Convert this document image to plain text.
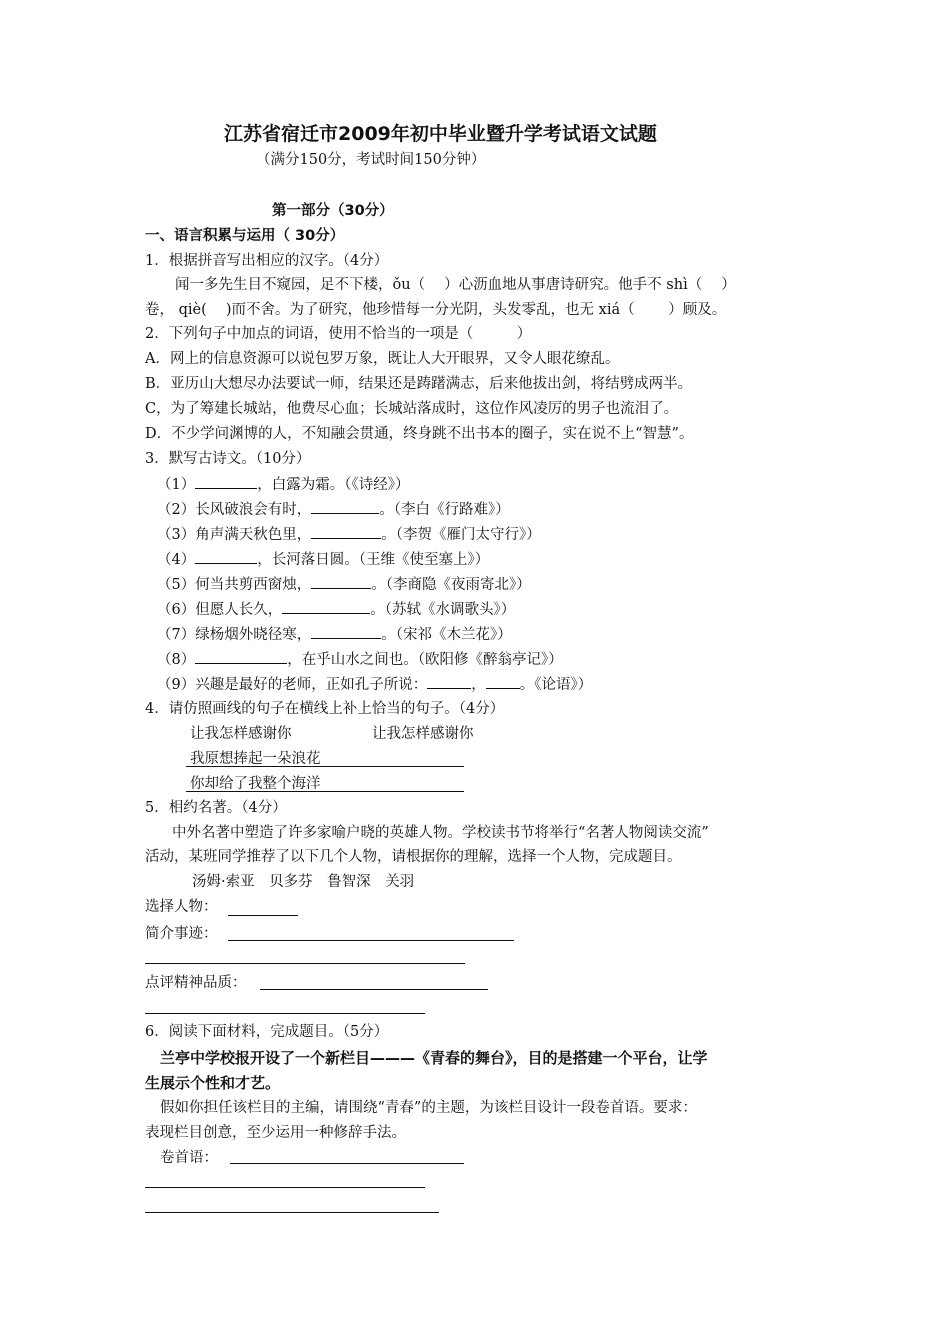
江苏省宿迁市2009年初中毕业暨升学考试语文试题
（满分150分，考试时间150分钟）
第一部分（30分）
一、语言积累与运用（ 30分）
1．根据拼音写出相应的汉字。（4分）
闻一多先生目不窥园，足不下楼，ǒu（　 ）心沥血地从事唐诗研究。他手不 shì（　 ）
卷， qiè(　 )而不舍。为了研究，他珍惜每一分光阴，头发零乱，也无 xiá（　　 ）顾及。
2．下列句子中加点的词语，使用不恰当的一项是（　　　）
A．网上的信息资源可以说包罗万象，既让人大开眼界，又令人眼花缭乱。
B．亚历山大想尽办法要试一师，结果还是踌躇满志，后来他拔出剑，将结劈成两半。
C，为了筹建长城站，他费尽心血；长城站落成时，这位作风凌厉的男子也流泪了。
D．不少学问渊博的人，不知融会贯通，终身跳不出书本的圈子，实在说不上“智慧”。
3．默写古诗文。（10分）
（1）	，白露为霜。（《诗经》）
（2）长风破浪会有时，	。（李白《行路难》）
（3）角声满天秋色里，	。（李贺《雁门太守行》）
（4）	，长河落日圆。（王维《使至塞上》）
（5）何当共剪西窗烛，	。（李商隐《夜雨寄北》）
（6）但愿人长久，	。（苏轼《水调歌头》）
（7）绿杨烟外晓径寒，	。（宋祁《木兰花》）
（8）	，在乎山水之间也。（欧阳修《醉翁亭记》）
（9）兴趣是最好的老师，正如孔子所说：	， 。《论语》）
4．请仿照画线的句子在横线上补上恰当的句子。（4分）
让我怎样感谢你	让我怎样感谢你
我原想捧起一朵浪花
你却给了我整个海洋
5．相约名著。（4分）
中外名著中塑造了许多家喻户晓的英雄人物。学校读书节将举行“名著人物阅读交流”
活动，某班同学推荐了以下几个人物，请根据你的理解，选择一个人物，完成题目。
汤姆·索亚　贝多芬　鲁智深　关羽
选择人物：
简介事迹：
点评精神品质：
6．阅读下面材料，完成题目。（5分）
兰亭中学校报开设了一个新栏目———《青春的舞台》，目的是搭建一个平台，让学
生展示个性和才艺。
假如你担任该栏目的主编，请围绕“青春”的主题，为该栏目设计一段卷首语。要求：
表现栏目创意，至少运用一种修辞手法。
卷首语：
